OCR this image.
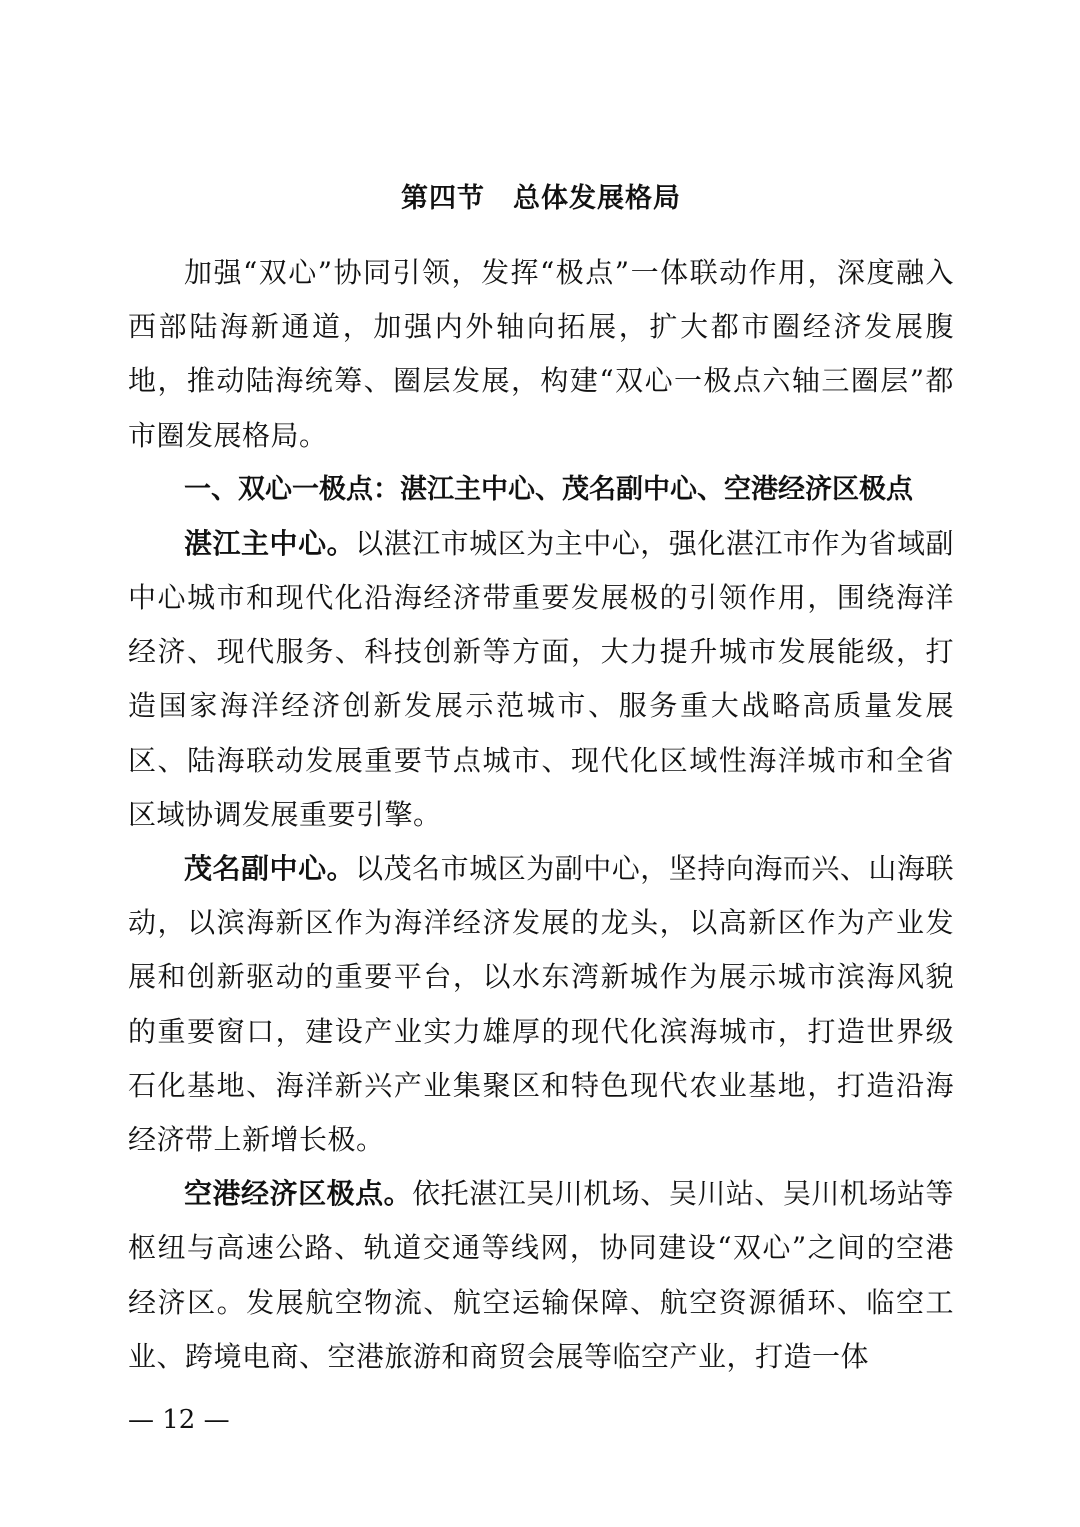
第四节　总体发展格局

加强“双心”协同引领，发挥“极点”一体联动作用，深度融入西部陆海新通道，加强内外轴向拓展，扩大都市圈经济发展腹地，推动陆海统筹、圈层发展，构建“双心一极点六轴三圈层”都市圈发展格局。

一、双心一极点：湛江主中心、茂名副中心、空港经济区极点

湛江主中心。以湛江市城区为主中心，强化湛江市作为省域副中心城市和现代化沿海经济带重要发展极的引领作用，围绕海洋经济、现代服务、科技创新等方面，大力提升城市发展能级，打造国家海洋经济创新发展示范城市、服务重大战略高质量发展区、陆海联动发展重要节点城市、现代化区域性海洋城市和全省区域协调发展重要引擎。

茂名副中心。以茂名市城区为副中心，坚持向海而兴、山海联动，以滨海新区作为海洋经济发展的龙头，以高新区作为产业发展和创新驱动的重要平台，以水东湾新城作为展示城市滨海风貌的重要窗口，建设产业实力雄厚的现代化滨海城市，打造世界级石化基地、海洋新兴产业集聚区和特色现代农业基地，打造沿海经济带上新增长极。

空港经济区极点。依托湛江吴川机场、吴川站、吴川机场站等枢纽与高速公路、轨道交通等线网，协同建设“双心”之间的空港经济区。发展航空物流、航空运输保障、航空资源循环、临空工业、跨境电商、空港旅游和商贸会展等临空产业，打造一体

— 12 —
